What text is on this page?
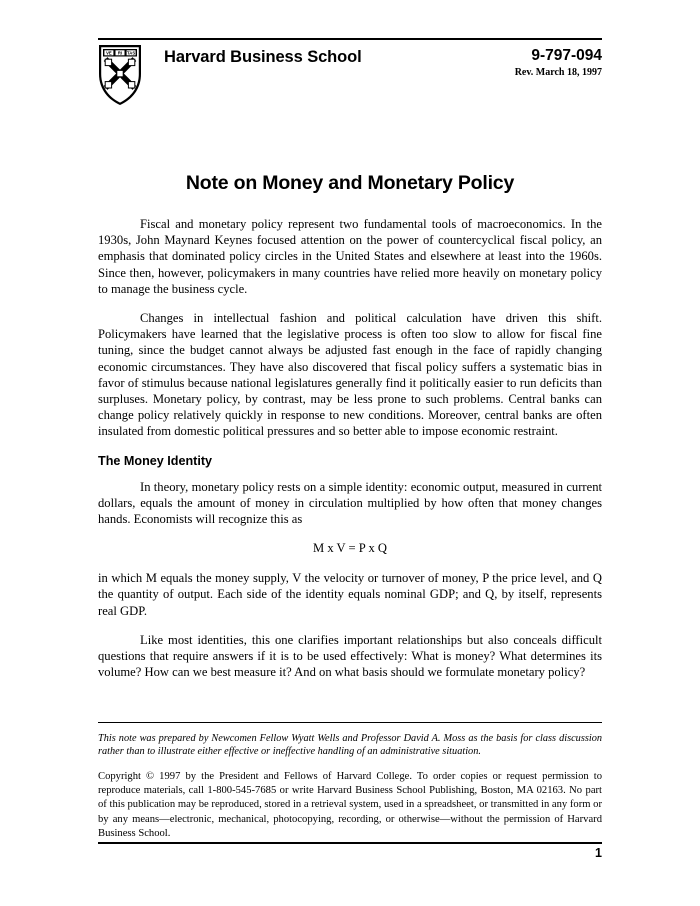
VE RI TAS Harvard Business School	9-797-094
Rev. March 18, 1997
Note on Money and Monetary Policy

Fiscal and monetary policy represent two fundamental tools of macroeconomics. In the 1930s, John Maynard Keynes focused attention on the power of countercyclical fiscal policy, an emphasis that dominated policy circles in the United States and elsewhere at least into the 1960s. Since then, however, policymakers in many countries have relied more heavily on monetary policy to manage the business cycle.

Changes in intellectual fashion and political calculation have driven this shift. Policymakers have learned that the legislative process is often too slow to allow for fiscal fine tuning, since the budget cannot always be adjusted fast enough in the face of rapidly changing economic circumstances. They have also discovered that fiscal policy suffers a systematic bias in favor of stimulus because national legislatures generally find it politically easier to run deficits than surpluses. Monetary policy, by contrast, may be less prone to such problems. Central banks can change policy relatively quickly in response to new conditions. Moreover, central banks are often insulated from domestic political pressures and so better able to impose economic restraint.

The Money Identity

In theory, monetary policy rests on a simple identity: economic output, measured in current dollars, equals the amount of money in circulation multiplied by how often that money changes hands. Economists will recognize this as

M x V = P x Q

in which M equals the money supply, V the velocity or turnover of money, P the price level, and Q the quantity of output. Each side of the identity equals nominal GDP; and Q, by itself, represents real GDP.

Like most identities, this one clarifies important relationships but also conceals difficult questions that require answers if it is to be used effectively: What is money? What determines its volume? How can we best measure it? And on what basis should we formulate monetary policy?

This note was prepared by Newcomen Fellow Wyatt Wells and Professor David A. Moss as the basis for class discussion rather than to illustrate either effective or ineffective handling of an administrative situation.
Copyright © 1997 by the President and Fellows of Harvard College. To order copies or request permission to reproduce materials, call 1-800-545-7685 or write Harvard Business School Publishing, Boston, MA 02163. No part of this publication may be reproduced, stored in a retrieval system, used in a spreadsheet, or transmitted in any form or by any means—electronic, mechanical, photocopying, recording, or otherwise—without the permission of Harvard Business School.
1
